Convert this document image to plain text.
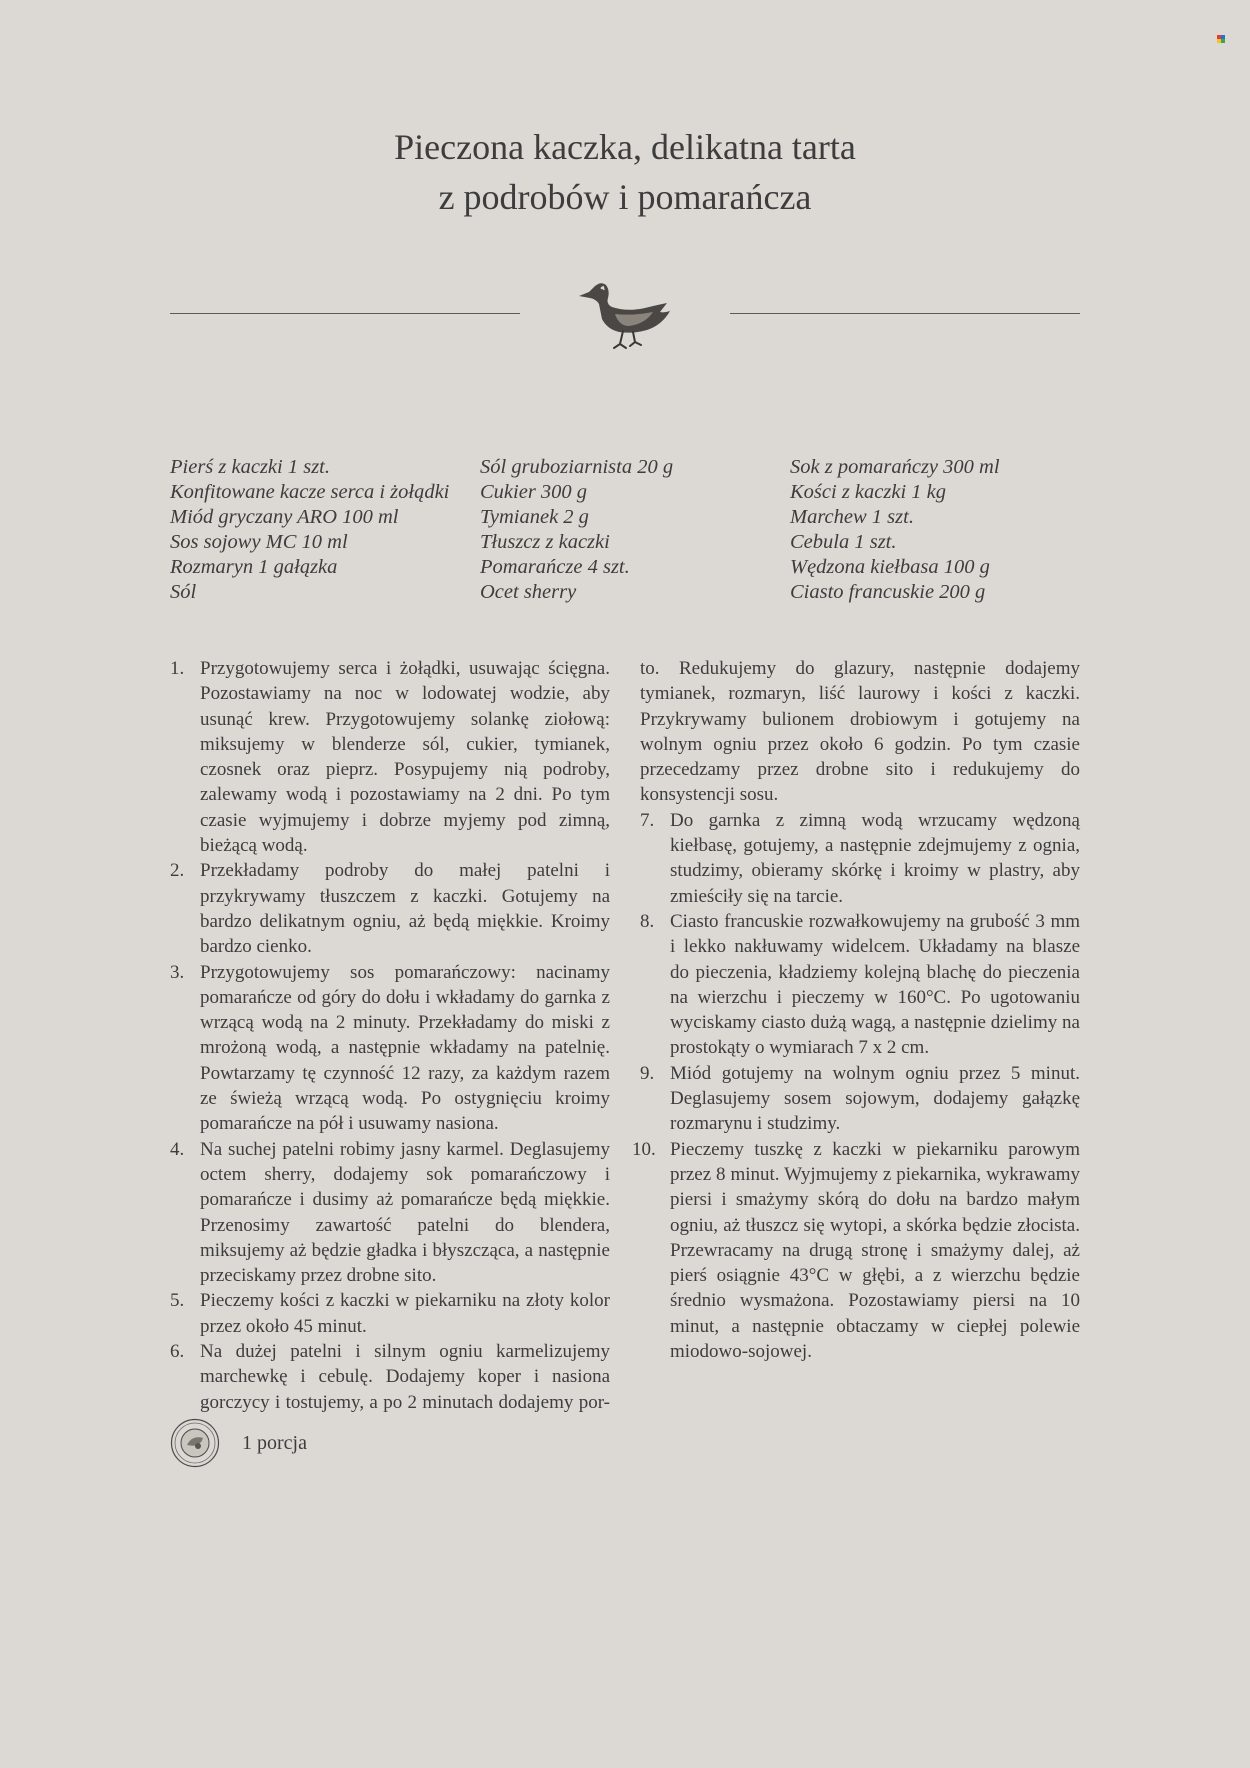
Pieczona kaczka, delikatna tarta
z podrobów i pomarańcza
Pierś z kaczki 1 szt.
Konfitowane kacze serca i żołądki
Miód gryczany ARO 100 ml
Sos sojowy MC 10 ml
Rozmaryn 1 gałązka
Sól
Sól gruboziarnista 20 g
Cukier 300 g
Tymianek 2 g
Tłuszcz z kaczki
Pomarańcze 4 szt.
Ocet sherry
Sok z pomarańczy 300 ml
Kości z kaczki 1 kg
Marchew 1 szt.
Cebula 1 szt.
Wędzona kiełbasa 100 g
Ciasto francuskie 200 g
1. Przygotowujemy serca i żołądki, usuwając ścięgna. Pozostawiamy na noc w lodowatej wodzie, aby usunąć krew. Przygotowujemy solankę ziołową: miksujemy w blenderze sól, cukier, tymianek, czosnek oraz pieprz. Posypujemy nią podroby, zalewamy wodą i pozostawiamy na 2 dni. Po tym czasie wyjmujemy i dobrze myjemy pod zimną, bieżącą wodą.
2. Przekładamy podroby do małej patelni i przykrywamy tłuszczem z kaczki. Gotujemy na bardzo delikatnym ogniu, aż będą miękkie. Kroimy bardzo cienko.
3. Przygotowujemy sos pomarańczowy: nacinamy pomarańcze od góry do dołu i wkładamy do garnka z wrzącą wodą na 2 minuty. Przekładamy do miski z mrożoną wodą, a następnie wkładamy na patelnię. Powtarzamy tę czynność 12 razy, za każdym razem ze świeżą wrzącą wodą. Po ostygnięciu kroimy pomarańcze na pół i usuwamy nasiona.
4. Na suchej patelni robimy jasny karmel. Deglasujemy octem sherry, dodajemy sok pomarańczowy i pomarańcze i dusimy aż pomarańcze będą miękkie. Przenosimy zawartość patelni do blendera, miksujemy aż będzie gładka i błyszcząca, a następnie przeciskamy przez drobne sito.
5. Pieczemy kości z kaczki w piekarniku na złoty kolor przez około 45 minut.
6. Na dużej patelni i silnym ogniu karmelizujemy marchewkę i cebulę. Dodajemy koper i nasiona gorczycy i tostujemy, a po 2 minutach dodajemy por-
to. Redukujemy do glazury, następnie dodajemy tymianek, rozmaryn, liść laurowy i kości z kaczki. Przykrywamy bulionem drobiowym i gotujemy na wolnym ogniu przez około 6 godzin. Po tym czasie przecedzamy przez drobne sito i redukujemy do konsystencji sosu.
7. Do garnka z zimną wodą wrzucamy wędzoną kiełbasę, gotujemy, a następnie zdejmujemy z ognia, studzimy, obieramy skórkę i kroimy w plastry, aby zmieściły się na tarcie.
8. Ciasto francuskie rozwałkowujemy na grubość 3 mm i lekko nakłuwamy widelcem. Układamy na blasze do pieczenia, kładziemy kolejną blachę do pieczenia na wierzchu i pieczemy w 160°C. Po ugotowaniu wyciskamy ciasto dużą wagą, a następnie dzielimy na prostokąty o wymiarach 7 x 2 cm.
9. Miód gotujemy na wolnym ogniu przez 5 minut. Deglasujemy sosem sojowym, dodajemy gałązkę rozmarynu i studzimy.
10. Pieczemy tuszkę z kaczki w piekarniku parowym przez 8 minut. Wyjmujemy z piekarnika, wykrawamy piersi i smażymy skórą do dołu na bardzo małym ogniu, aż tłuszcz się wytopi, a skórka będzie złocista. Przewracamy na drugą stronę i smażymy dalej, aż pierś osiągnie 43°C w głębi, a z wierzchu będzie średnio wysmażona. Pozostawiamy piersi na 10 minut, a następnie obtaczamy w ciepłej polewie miodowo-sojowej.
1 porcja
